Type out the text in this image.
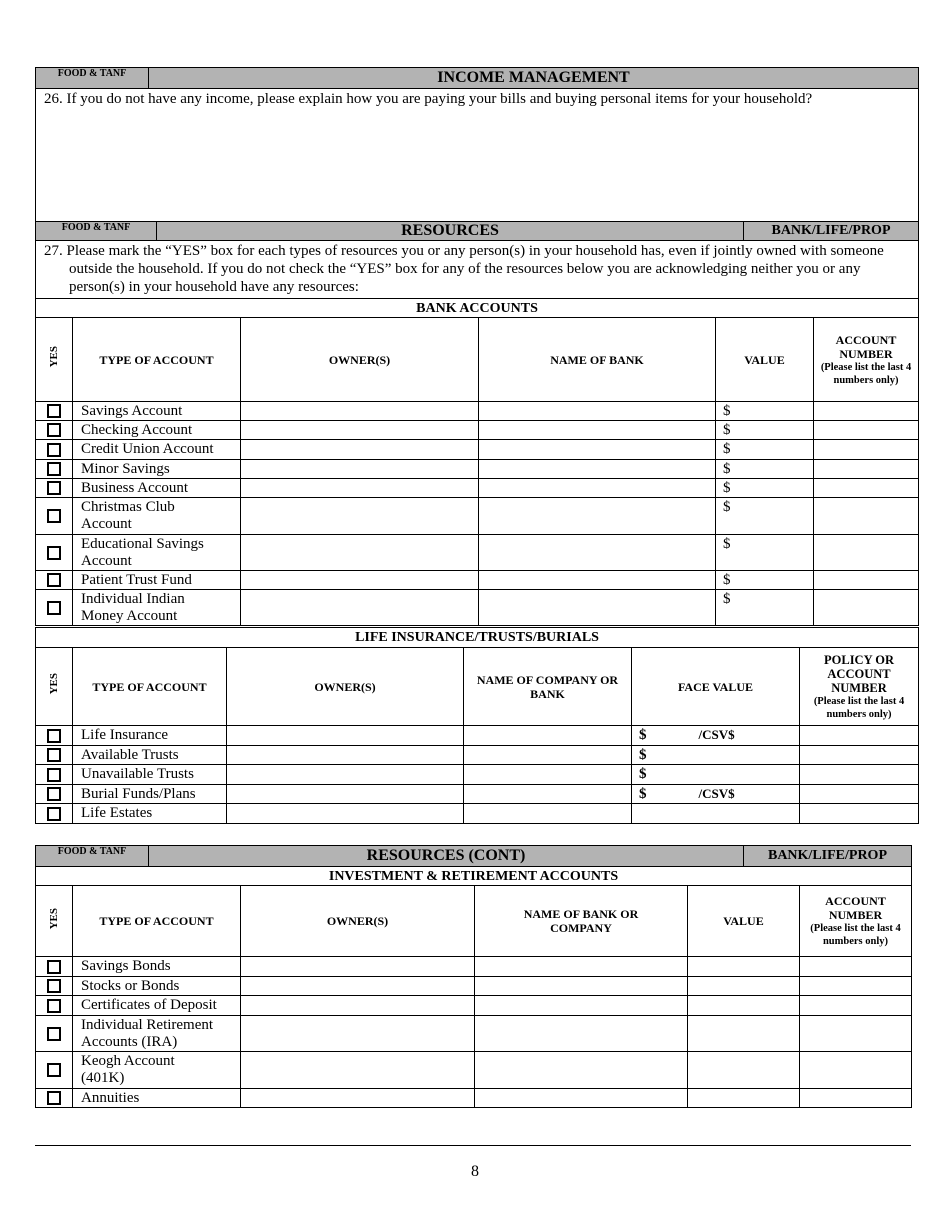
FOOD & TANF	INCOME MANAGEMENT

26. If you do not have any income, please explain how you are paying your bills and buying personal items for your household?
FOOD & TANF	RESOURCES	BANK/LIFE/PROP

27. Please mark the “YES” box for each types of resources you or any person(s) in your household has, even if jointly owned with someone outside the household. If you do not check the “YES” box for any of the resources below you are acknowledging neither you or any person(s) in your household have any resources:
BANK ACCOUNTS					
YES	TYPE OF ACCOUNT	OWNER(S)	NAME OF BANK	VALUE	ACCOUNT NUMBER
(Please list the last 4 numbers only)

	Savings Account			$	
	Checking Account			$	
	Credit Union Account			$	
	Minor Savings			$	
	Business Account			$	
	Christmas Club Account			$	
	Educational Savings Account			$	
	Patient Trust Fund			$	
	Individual Indian Money Account			$	
LIFE INSURANCE/TRUSTS/BURIALS					
YES	TYPE OF ACCOUNT	OWNER(S)	NAME OF COMPANY OR BANK	FACE VALUE	POLICY OR ACCOUNT NUMBER
(Please list the last 4 numbers only)

	Life Insurance			$ /CSV$	
	Available Trusts			$	
	Unavailable Trusts			$	
	Burial Funds/Plans			$ /CSV$	
	Life Estates				
FOOD & TANF	RESOURCES (CONT)	BANK/LIFE/PROP
INVESTMENT & RETIREMENT ACCOUNTS					
YES	TYPE OF ACCOUNT	OWNER(S)	NAME OF BANK OR COMPANY	VALUE	ACCOUNT NUMBER
(Please list the last 4 numbers only)

	Savings Bonds				
	Stocks or Bonds				
	Certificates of Deposit				
	Individual Retirement Accounts (IRA)				
	Keogh Account (401K)				
	Annuities				
8
